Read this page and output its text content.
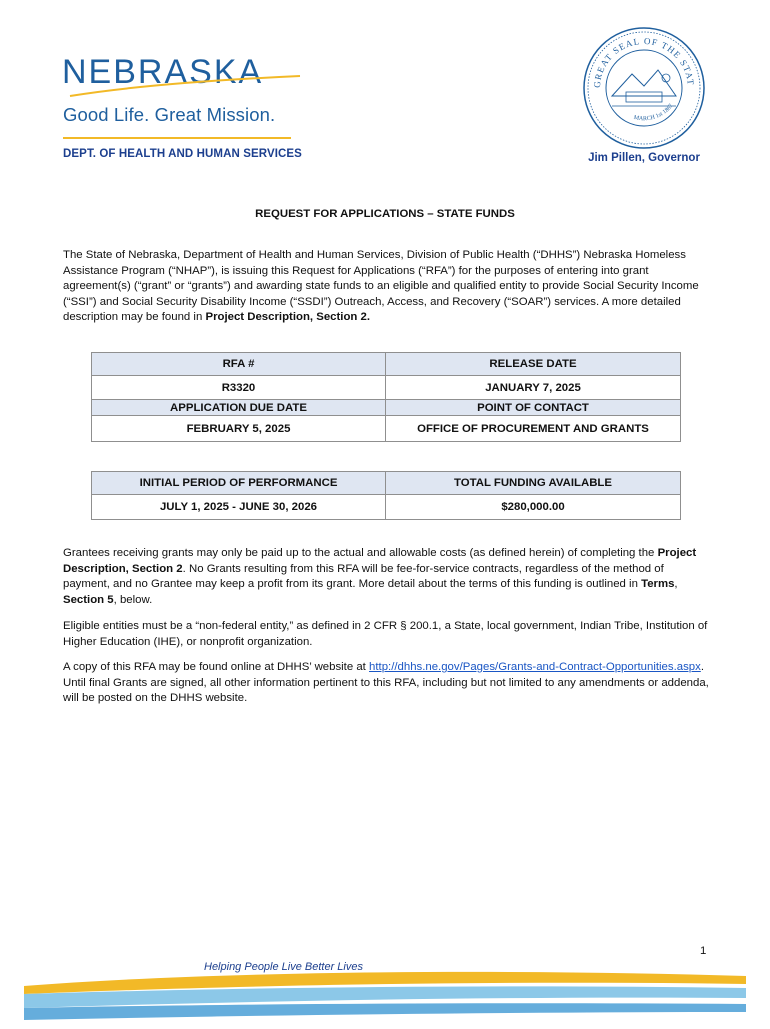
NEBRASKA
Good Life. Great Mission.
DEPT. OF HEALTH AND HUMAN SERVICES
GREAT SEAL OF THE STAT
MARCH 1st 1867
Jim Pillen, Governor
REQUEST FOR APPLICATIONS – STATE FUNDS
The State of Nebraska, Department of Health and Human Services, Division of Public Health (“DHHS”) Nebraska Homeless Assistance Program (“NHAP”), is issuing this Request for Applications (“RFA”) for the purposes of entering into grant agreement(s) (“grant” or “grants”) and awarding state funds to an eligible and qualified entity to provide Social Security Income (“SSI”) and Social Security Disability Income (“SSDI”) Outreach, Access, and Recovery (“SOAR”) services. A more detailed description may be found in Project Description, Section 2.
RFA #	RELEASE DATE
R3320	JANUARY 7, 2025
APPLICATION DUE DATE	POINT OF CONTACT
FEBRUARY 5, 2025	OFFICE OF PROCUREMENT AND GRANTS
INITIAL PERIOD OF PERFORMANCE	TOTAL FUNDING AVAILABLE
JULY 1, 2025 - JUNE 30, 2026	$280,000.00
Grantees receiving grants may only be paid up to the actual and allowable costs (as defined herein) of completing the Project Description, Section 2. No Grants resulting from this RFA will be fee-for-service contracts, regardless of the method of payment, and no Grantee may keep a profit from its grant. More detail about the terms of this funding is outlined in Terms, Section 5, below.
Eligible entities must be a “non-federal entity,” as defined in 2 CFR § 200.1, a State, local government, Indian Tribe, Institution of Higher Education (IHE), or nonprofit organization.
A copy of this RFA may be found online at DHHS’ website at http://dhhs.ne.gov/Pages/Grants-and-Contract-Opportunities.aspx. Until final Grants are signed, all other information pertinent to this RFA, including but not limited to any amendments or addenda, will be posted on the DHHS website.
1
Helping People Live Better Lives
